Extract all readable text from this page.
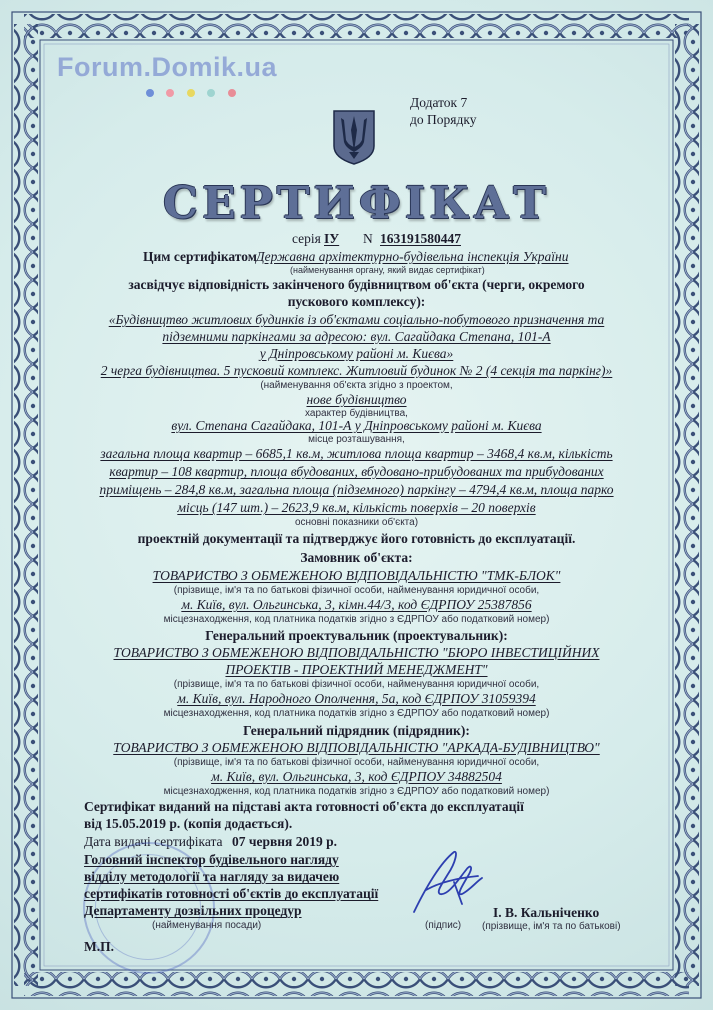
Forum.Domik.ua
Додаток 7
до Порядку
СЕРТИФІКАТ
серія ІУ N 163191580447
Цим сертифікатом Державна архітектурно-будівельна інспекція України
(найменування органу, який видає сертифікат)
засвідчує відповідність закінченого будівництвом об'єкта (черги, окремого
пускового комплексу):
«Будівництво житлових будинків із об'єктами соціально-побутового призначення та
підземними паркінгами за адресою: вул. Сагайдака Степана, 101-А
у Дніпровському районі м. Києва»
2 черга будівництва. 5 пусковий комплекс. Житловий будинок № 2 (4 секція та паркінг)»
(найменування об'єкта згідно з проектом,
нове будівництво
характер будівництва,
вул. Степана Сагайдака, 101-А у Дніпровському районі м. Києва
місце розташування,
загальна площа квартир – 6685,1 кв.м, житлова площа квартир – 3468,4 кв.м, кількість
квартир – 108 квартир, площа вбудованих, вбудовано-прибудованих та прибудованих
приміщень – 284,8 кв.м, загальна площа (підземного) паркінгу – 4794,4 кв.м, площа парко
місць (147 шт.) – 2623,9 кв.м, кількість поверхів – 20 поверхів
основні показники об'єкта)
проектній документації та підтверджує його готовність до експлуатації.
Замовник об'єкта:
ТОВАРИСТВО З ОБМЕЖЕНОЮ ВІДПОВІДАЛЬНІСТЮ "ТМК-БЛОК"
(прізвище, ім'я та по батькові фізичної особи, найменування юридичної особи,
м. Київ, вул. Ольгинська, 3, кімн.44/3, код ЄДРПОУ 25387856
місцезнаходження, код платника податків згідно з ЄДРПОУ або податковий номер)
Генеральний проектувальник (проектувальник):
ТОВАРИСТВО З ОБМЕЖЕНОЮ ВІДПОВІДАЛЬНІСТЮ "БЮРО ІНВЕСТИЦІЙНИХ
ПРОЕКТІВ - ПРОЕКТНИЙ МЕНЕДЖМЕНТ"
(прізвище, ім'я та по батькові фізичної особи, найменування юридичної особи,
м. Київ, вул. Народного Ополчення, 5а, код ЄДРПОУ 31059394
місцезнаходження, код платника податків згідно з ЄДРПОУ або податковий номер)
Генеральний підрядник (підрядник):
ТОВАРИСТВО З ОБМЕЖЕНОЮ ВІДПОВІДАЛЬНІСТЮ "АРКАДА-БУДІВНИЦТВО"
(прізвище, ім'я та по батькові фізичної особи, найменування юридичної особи,
м. Київ, вул. Ольгинська, 3, код ЄДРПОУ 34882504
місцезнаходження, код платника податків згідно з ЄДРПОУ або податковий номер)
Сертифікат виданий на підставі акта готовності об'єкта до експлуатації
від 15.05.2019 р. (копія додається).
Дата видачі сертифіката 07 червня 2019 р.
Головний інспектор будівельного нагляду
відділу методології та нагляду за видачею
сертифікатів готовності об'єктів до експлуатації
Департаменту дозвільних процедур
(найменування посади)	(підпис)
І. В. Кальніченко
(прізвище, ім'я та по батькові)
М.П.
